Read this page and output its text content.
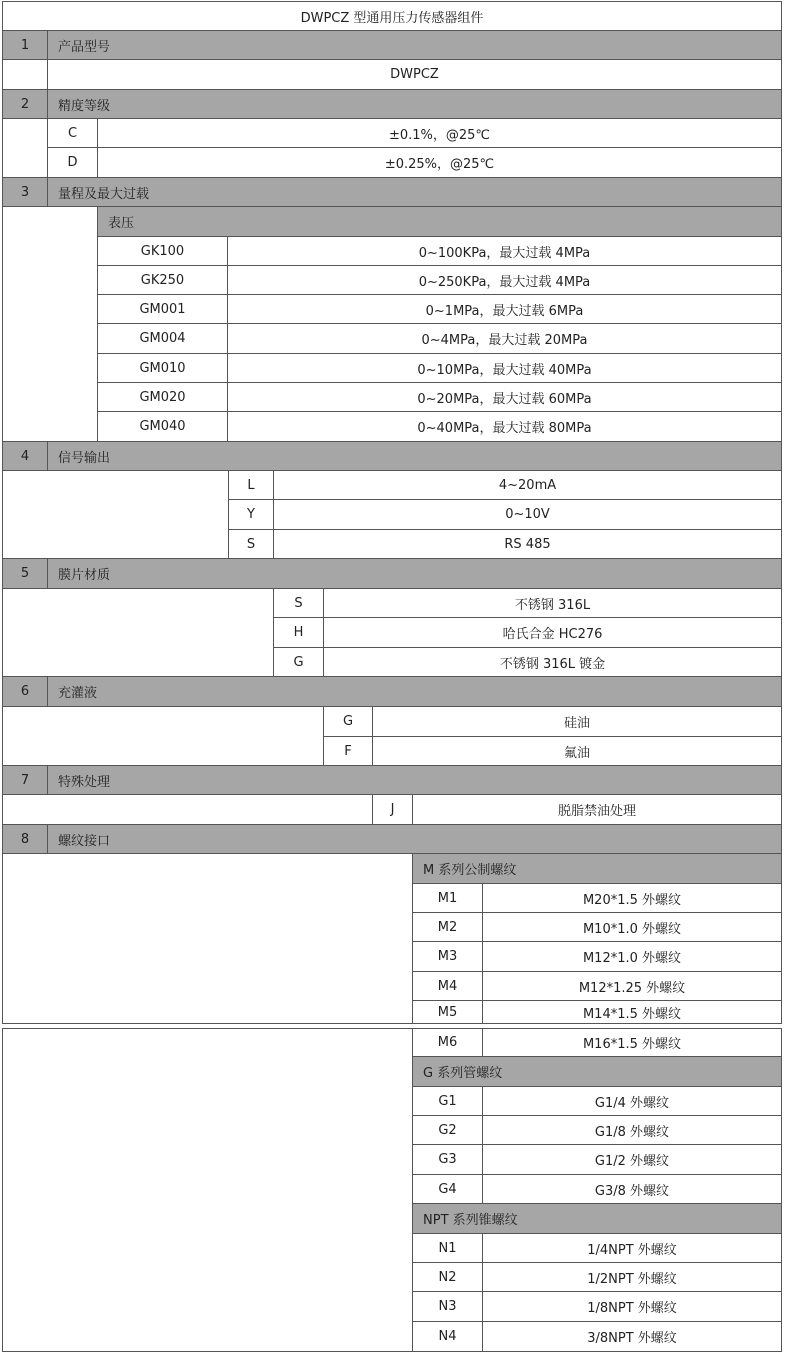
DWPCZ 型通用压力传感器组件
1	产品型号
DWPCZ
2	精度等级
C	±0.1%，@25℃
D	±0.25%，@25℃
3	量程及最大过载
表压
GK100	0~100KPa，最大过载 4MPa
GK250	0~250KPa，最大过载 4MPa
GM001	0~1MPa，最大过载 6MPa
GM004	0~4MPa，最大过载 20MPa
GM010	0~10MPa，最大过载 40MPa
GM020	0~20MPa，最大过载 60MPa
GM040	0~40MPa，最大过载 80MPa
4	信号输出
L	4~20mA
Y	0~10V
S	RS 485
5	膜片材质
S	不锈钢 316L
H	哈氏合金 HC276
G	不锈钢 316L 镀金
6	充灌液
G	硅油
F	氟油
7	特殊处理
J	脱脂禁油处理
8	螺纹接口
M 系列公制螺纹
M1	M20*1.5 外螺纹
M2	M10*1.0 外螺纹
M3	M12*1.0 外螺纹
M4	M12*1.25 外螺纹
M5	M14*1.5 外螺纹
M6	M16*1.5 外螺纹
G 系列管螺纹
G1	G1/4 外螺纹
G2	G1/8 外螺纹
G3	G1/2 外螺纹
G4	G3/8 外螺纹
NPT 系列锥螺纹
N1	1/4NPT 外螺纹
N2	1/2NPT 外螺纹
N3	1/8NPT 外螺纹
N4	3/8NPT 外螺纹
